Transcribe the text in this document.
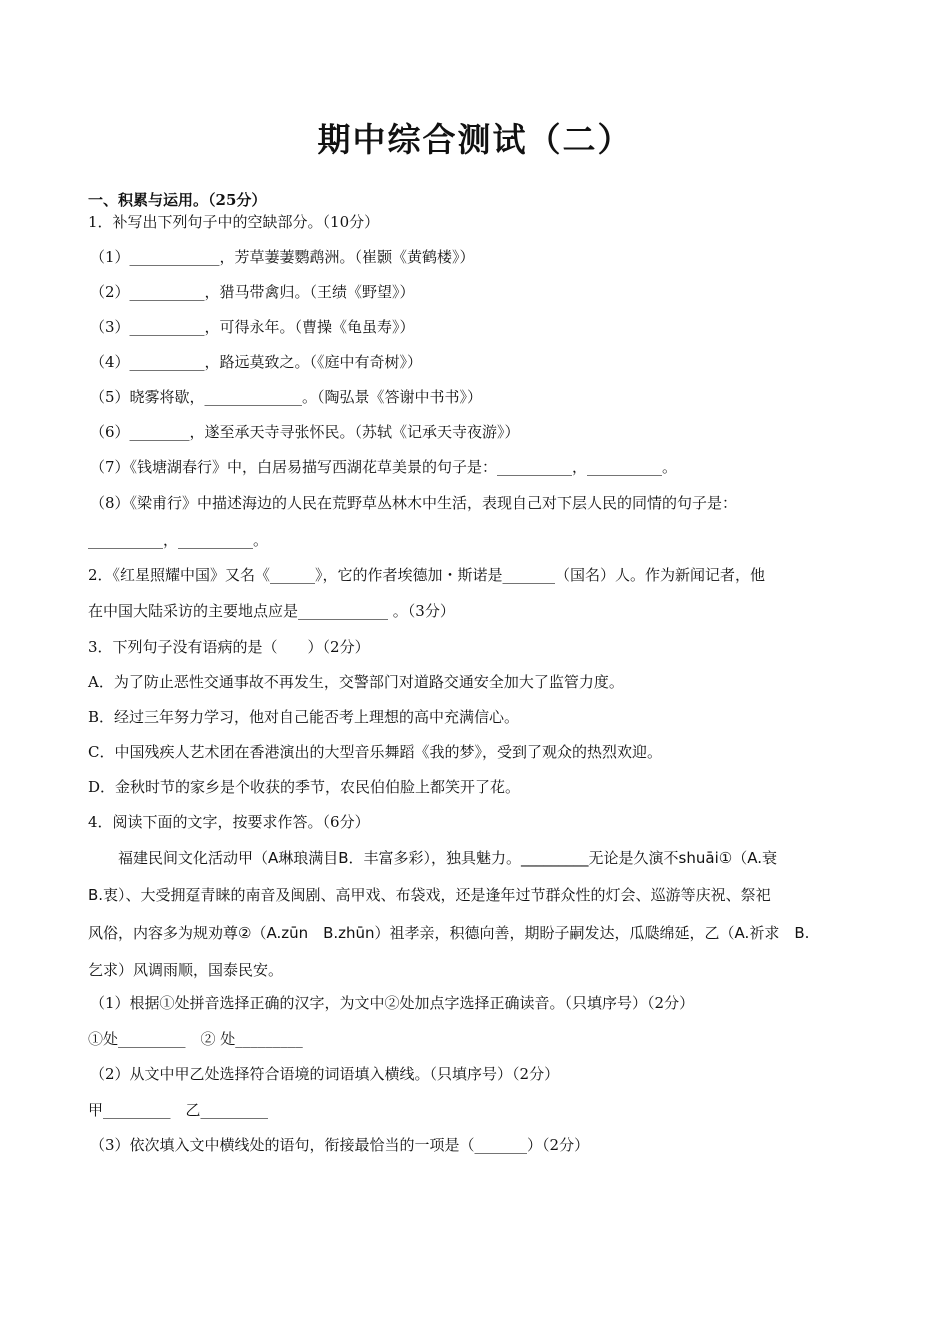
期中综合测试（二）
一、积累与运用。（25分）
1．补写出下列句子中的空缺部分。（10分）
（1）____________，芳草萋萋鹦鹉洲。（崔颢《黄鹤楼》）
（2）__________，猎马带禽归。（王绩《野望》）
（3）__________，可得永年。（曹操《龟虽寿》）
（4）__________，路远莫致之。（《庭中有奇树》）
（5）晓雾将歇，_____________。（陶弘景《答谢中书书》）
（6）________，遂至承天寺寻张怀民。（苏轼《记承天寺夜游》）
（7）《钱塘湖春行》中，白居易描写西湖花草美景的句子是：__________，__________。
（8）《梁甫行》中描述海边的人民在荒野草丛林木中生活，表现自己对下层人民的同情的句子是：
__________，__________。
2．《红星照耀中国》又名《______》，它的作者埃德加・斯诺是_______（国名）人。作为新闻记者，他
在中国大陆采访的主要地点应是____________ 。（3分）
3．下列句子没有语病的是（　　）（2分）
A．为了防止恶性交通事故不再发生，交警部门对道路交通安全加大了监管力度。
B．经过三年努力学习，他对自己能否考上理想的高中充满信心。
C．中国残疾人艺术团在香港演出的大型音乐舞蹈《我的梦》，受到了观众的热烈欢迎。
D．金秋时节的家乡是个收获的季节，农民伯伯脸上都笑开了花。
4．阅读下面的文字，按要求作答。（6分）
　　福建民间文化活动甲（A琳琅满目B．丰富多彩），独具魅力。_________无论是久演不shuāi①（A.衰
B.衷）、大受拥趸青睐的南音及闽剧、高甲戏、布袋戏，还是逢年过节群众性的灯会、巡游等庆祝、祭祀
风俗，内容多为规劝尊②（A.zūn　B.zhūn）祖孝亲，积德向善，期盼子嗣发达，瓜瓞绵延，乙（A.祈求　B.
乞求）风调雨顺，国泰民安。
（1）根据①处拼音选择正确的汉字，为文中②处加点字选择正确读音。（只填序号）（2分）
①处_________　② 处_________
（2）从文中甲乙处选择符合语境的词语填入横线。（只填序号）（2分）
甲_________　乙_________
（3）依次填入文中横线处的语句，衔接最恰当的一项是（_______）（2分）
